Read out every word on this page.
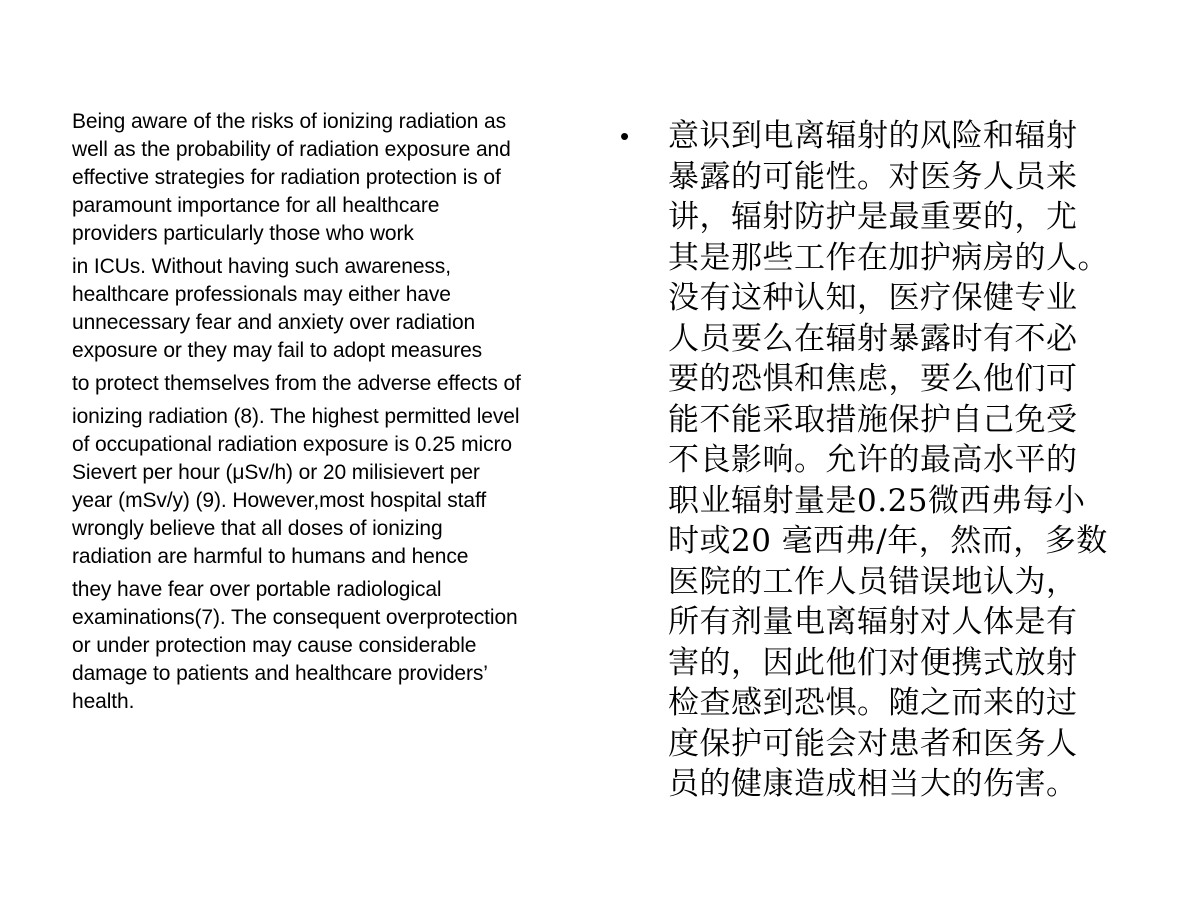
Being aware of the risks of ionizing radiation as
well as the probability of radiation exposure and
effective strategies for radiation protection is of
paramount importance for all healthcare
providers particularly those who work
in ICUs. Without having such awareness,
healthcare professionals may either have
unnecessary fear and anxiety over radiation
exposure or they may fail to adopt measures
to protect themselves from the adverse effects of
ionizing radiation (8). The highest permitted level
of occupational radiation exposure is 0.25 micro
Sievert per hour (μSv/h) or 20 milisievert per
year (mSv/y) (9). However,most hospital staff
wrongly believe that all doses of ionizing
radiation are harmful to humans and hence
they have fear over portable radiological
examinations(7). The consequent overprotection
or under protection may cause considerable
damage to patients and healthcare providers’
health.
• 意识到电离辐射的风险和辐射
暴露的可能性。对医务人员来
讲，辐射防护是最重要的，尤
其是那些工作在加护病房的人。
没有这种认知，医疗保健专业
人员要么在辐射暴露时有不必
要的恐惧和焦虑，要么他们可
能不能采取措施保护自己免受
不良影响。允许的最高水平的
职业辐射量是0.25微西弗每小
时或20 毫西弗/年，然而，多数
医院的工作人员错误地认为，
所有剂量电离辐射对人体是有
害的，因此他们对便携式放射
检查感到恐惧。随之而来的过
度保护可能会对患者和医务人
员的健康造成相当大的伤害。
